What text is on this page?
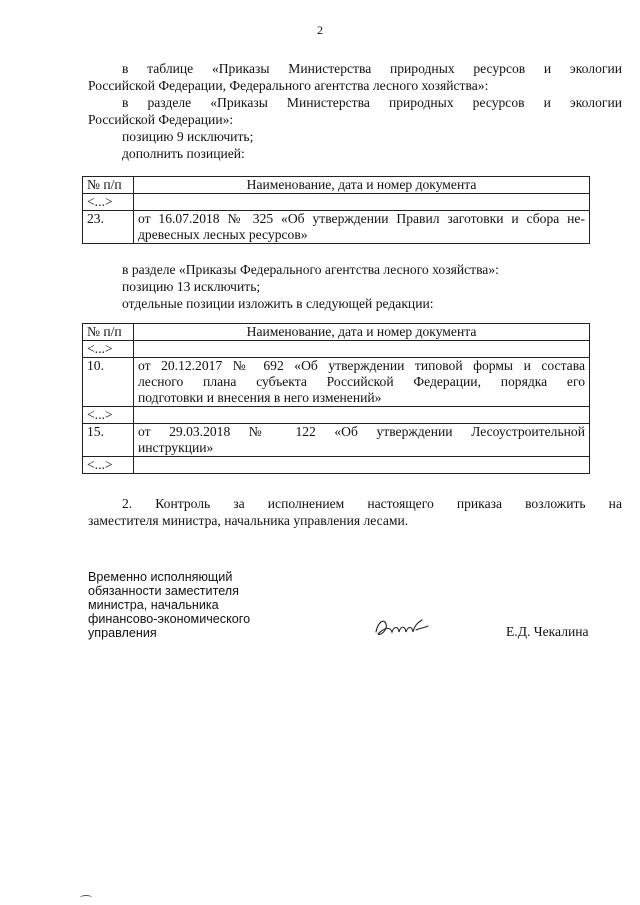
2

в таблице «Приказы Министерства природных ресурсов и экологии

Российской Федерации, Федерального агентства лесного хозяйства»:

в разделе «Приказы Министерства природных ресурсов и экологии

Российской Федерации»:

позицию 9 исключить;

дополнить позицией:

№ п/п	Наименование, дата и номер документа
<...>	
23.	от 16.07.2018 № 325 «Об утверждении Правил заготовки и сбора не-
древесных лесных ресурсов»

в разделе «Приказы Федерального агентства лесного хозяйства»:

позицию 13 исключить;

отдельные позиции изложить в следующей редакции:

№ п/п	Наименование, дата и номер документа
<...>	
10.	от 20.12.2017 № 692 «Об утверждении типовой формы и состава
лесного плана субъекта Российской Федерации, порядка его
подготовки и внесения в него изменений»
<...>	
15.	от 29.03.2018 № 122 «Об утверждении Лесоустроительной
инструкции»
<...>	

2. Контроль за исполнением настоящего приказа возложить на

заместителя министра, начальника управления лесами.

Временно исполняющий
обязанности заместителя
министра, начальника
финансово-экономического
управления	Е.Д. Чекалина
